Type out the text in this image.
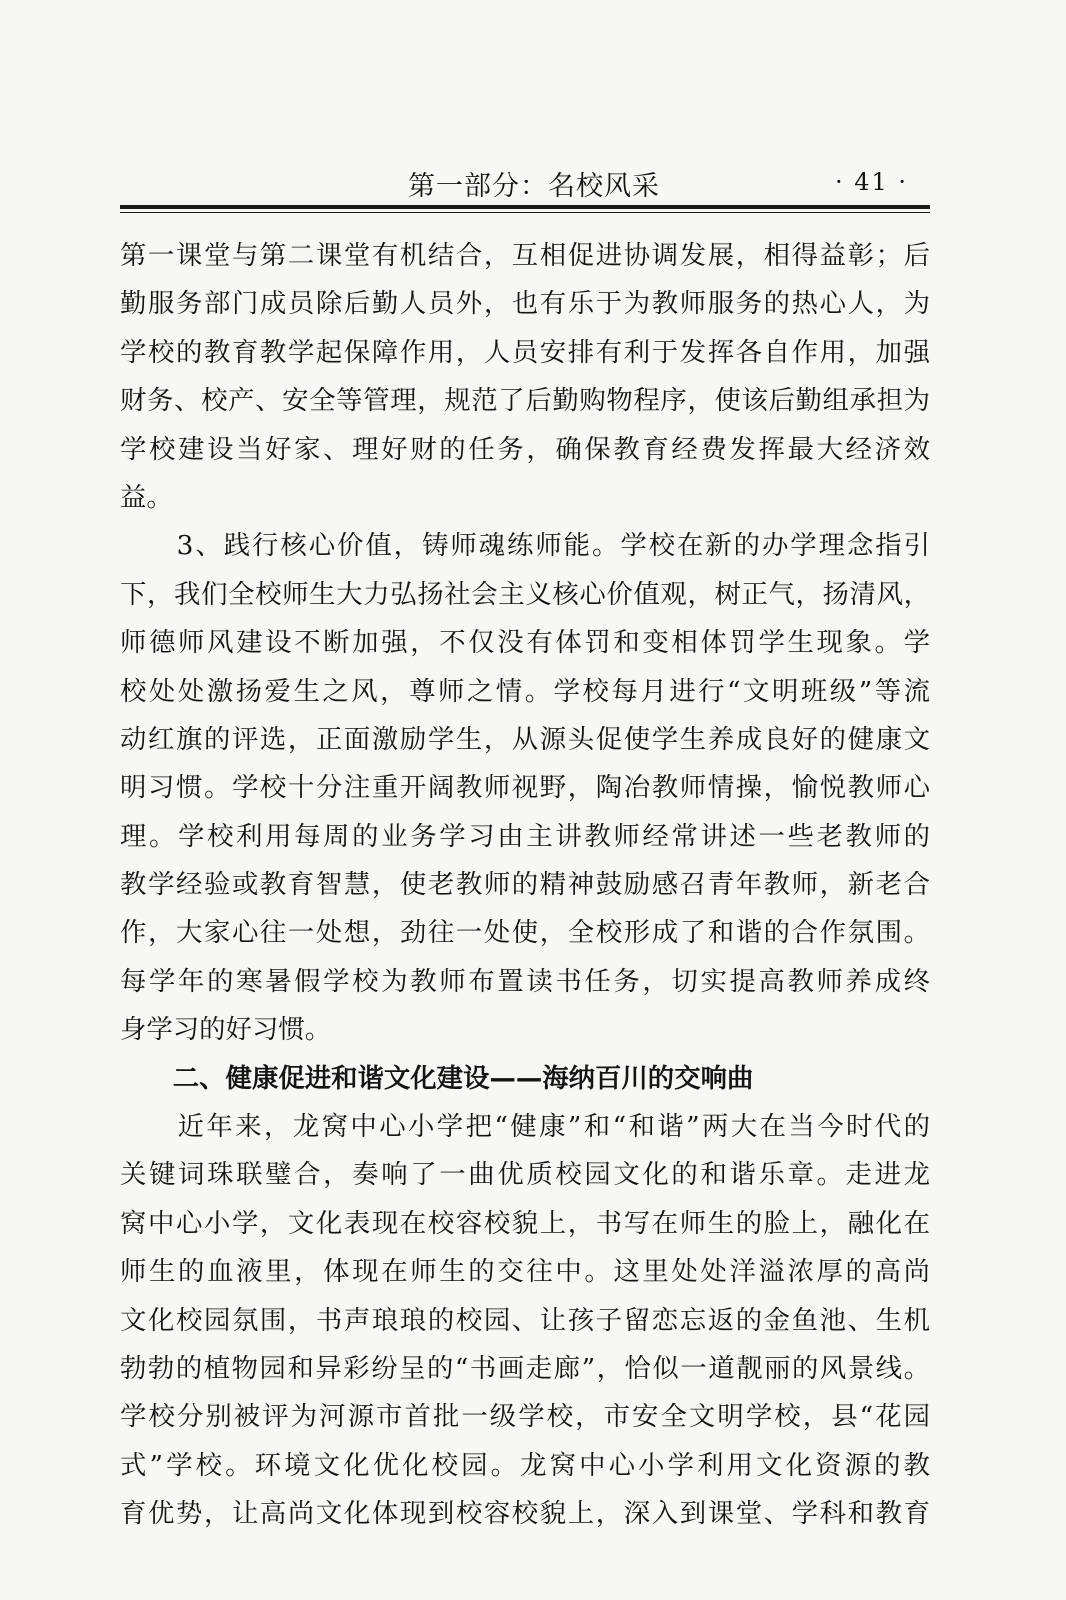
第一部分：名校风采	· 41 ·
第一课堂与第二课堂有机结合，互相促进协调发展，相得益彰；后
勤服务部门成员除后勤人员外，也有乐于为教师服务的热心人，为
学校的教育教学起保障作用，人员安排有利于发挥各自作用，加强
财务、校产、安全等管理，规范了后勤购物程序，使该后勤组承担为
学校建设当好家、理好财的任务，确保教育经费发挥最大经济效
益。
　　3、践行核心价值，铸师魂练师能。学校在新的办学理念指引
下，我们全校师生大力弘扬社会主义核心价值观，树正气，扬清风，
师德师风建设不断加强，不仅没有体罚和变相体罚学生现象。学
校处处激扬爱生之风，尊师之情。学校每月进行“文明班级”等流
动红旗的评选，正面激励学生，从源头促使学生养成良好的健康文
明习惯。学校十分注重开阔教师视野，陶冶教师情操，愉悦教师心
理。学校利用每周的业务学习由主讲教师经常讲述一些老教师的
教学经验或教育智慧，使老教师的精神鼓励感召青年教师，新老合
作，大家心往一处想，劲往一处使，全校形成了和谐的合作氛围。
每学年的寒暑假学校为教师布置读书任务，切实提高教师养成终
身学习的好习惯。
　　二、健康促进和谐文化建设——海纳百川的交响曲
　　近年来，龙窝中心小学把“健康”和“和谐”两大在当今时代的
关键词珠联璧合，奏响了一曲优质校园文化的和谐乐章。走进龙
窝中心小学，文化表现在校容校貌上，书写在师生的脸上，融化在
师生的血液里，体现在师生的交往中。这里处处洋溢浓厚的高尚
文化校园氛围，书声琅琅的校园、让孩子留恋忘返的金鱼池、生机
勃勃的植物园和异彩纷呈的“书画走廊”，恰似一道靓丽的风景线。
学校分别被评为河源市首批一级学校，市安全文明学校，县“花园
式”学校。环境文化优化校园。龙窝中心小学利用文化资源的教
育优势，让高尚文化体现到校容校貌上，深入到课堂、学科和教育
